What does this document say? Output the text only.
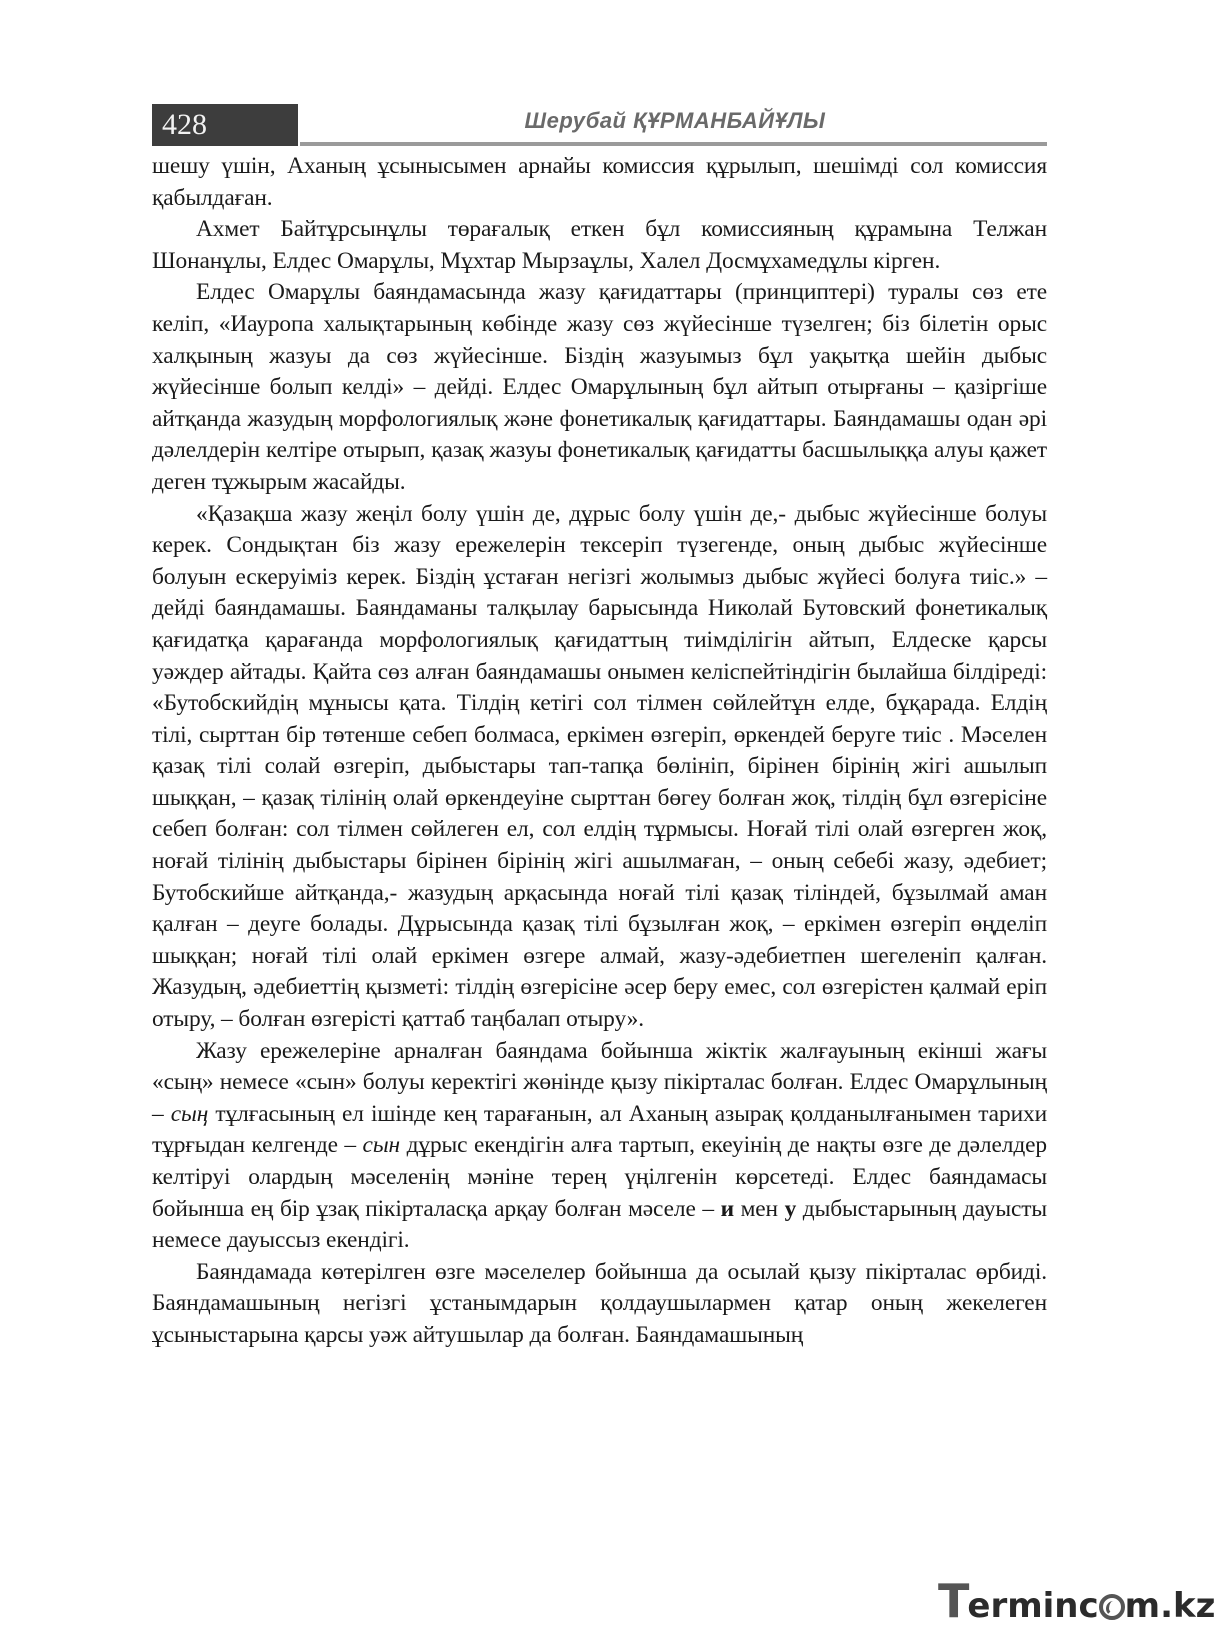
428	Шерубай ҚҰРМАНБАЙҰЛЫ

шешу үшін, Аханың ұсынысымен арнайы комиссия құрылып, шешімді сол комиссия қабылдаған.

Ахмет Байтұрсынұлы төрағалық еткен бұл комиссияның құрамына Телжан Шонанұлы, Елдес Омарұлы, Мұхтар Мырзаұлы, Халел Досмұхамедұлы кірген.

Елдес Омарұлы баяндамасында жазу қағидаттары (принциптері) туралы сөз ете келіп, «Иауропа халықтарының көбінде жазу сөз жүйесінше түзелген; біз білетін орыс халқының жазуы да сөз жүйесінше. Біздің жазуымыз бұл уақытқа шейін дыбыс жүйесінше болып келді» – дейді. Елдес Омарұлының бұл айтып отырғаны – қазіргіше айтқанда жазудың морфологиялық және фонетикалық қағидаттары. Баяндамашы одан әрі дәлелдерін келтіре отырып, қазақ жазуы фонетикалық қағидатты басшылыққа алуы қажет деген тұжырым жасайды.

«Қазақша жазу жеңіл болу үшін де, дұрыс болу үшін де,- дыбыс жүйесінше болуы керек. Сондықтан біз жазу ережелерін тексеріп түзегенде, оның дыбыс жүйесінше болуын ескеруіміз керек. Біздің ұстаған негізгі жолымыз дыбыс жүйесі болуға тиіс.» – дейді баяндамашы. Баяндаманы талқылау барысында Николай Бутовский фонетикалық қағидатқа қарағанда морфологиялық қағидаттың тиімділігін айтып, Елдеске қарсы уәждер айтады. Қайта сөз алған баяндамашы онымен келіспейтіндігін былайша білдіреді: «Бутобскийдің мұнысы қата. Тілдің кетігі сол тілмен сөйлейтұн елде, бұқарада. Елдің тілі, сырттан бір төтенше себеп болмаса, еркімен өзгеріп, өркендей беруге тиіс . Мәселен қазақ тілі солай өзгеріп, дыбыстары тап-тапқа бөлініп, бірінен бірінің жігі ашылып шыққан, – қазақ тілінің олай өркендеуіне сырттан бөгеу болған жоқ, тілдің бұл өзгерісіне себеп болған: сол тілмен сөйлеген ел, сол елдің тұрмысы. Ноғай тілі олай өзгерген жоқ, ноғай тілінің дыбыстары бірінен бірінің жігі ашылмаған, – оның себебі жазу, әдебиет; Бутобскийше айтқанда,- жазудың арқасында ноғай тілі қазақ тіліндей, бұзылмай аман қалған – деуге болады. Дұрысында қазақ тілі бұзылған жоқ, – еркімен өзгеріп өңделіп шыққан; ноғай тілі олай еркімен өзгере алмай, жазу-әдебиетпен шегеленіп қалған. Жазудың, әдебиеттің қызметі: тілдің өзгерісіне әсер беру емес, сол өзгерістен қалмай еріп отыру, – болған өзгерісті қаттаб таңбалап отыру».

Жазу ережелеріне арналған баяндама бойынша жіктік жалғауының екінші жағы «сың» немесе «сын» болуы керектігі жөнінде қызу пікірталас болған. Елдес Омарұлының – сың тұлғасының ел ішінде кең тарағанын, ал Аханың азырақ қолданылғанымен тарихи тұрғыдан келгенде – сын дұрыс екендігін алға тартып, екеуінің де нақты өзге де дәлелдер келтіруі олардың мәселенің мәніне терең үңілгенін көрсетеді. Елдес баяндамасы бойынша ең бір ұзақ пікірталасқа арқау болған мәселе – и мен у дыбыстарының дауысты немесе дауыссыз екендігі.

Баяндамада көтерілген өзге мәселелер бойынша да осылай қызу пікірталас өрбиді. Баяндамашының негізгі ұстанымдарын қолдаушылармен қатар оның жекелеген ұсыныстарына қарсы уәж айтушылар да болған. Баяндамашының

Terminc m.kz
